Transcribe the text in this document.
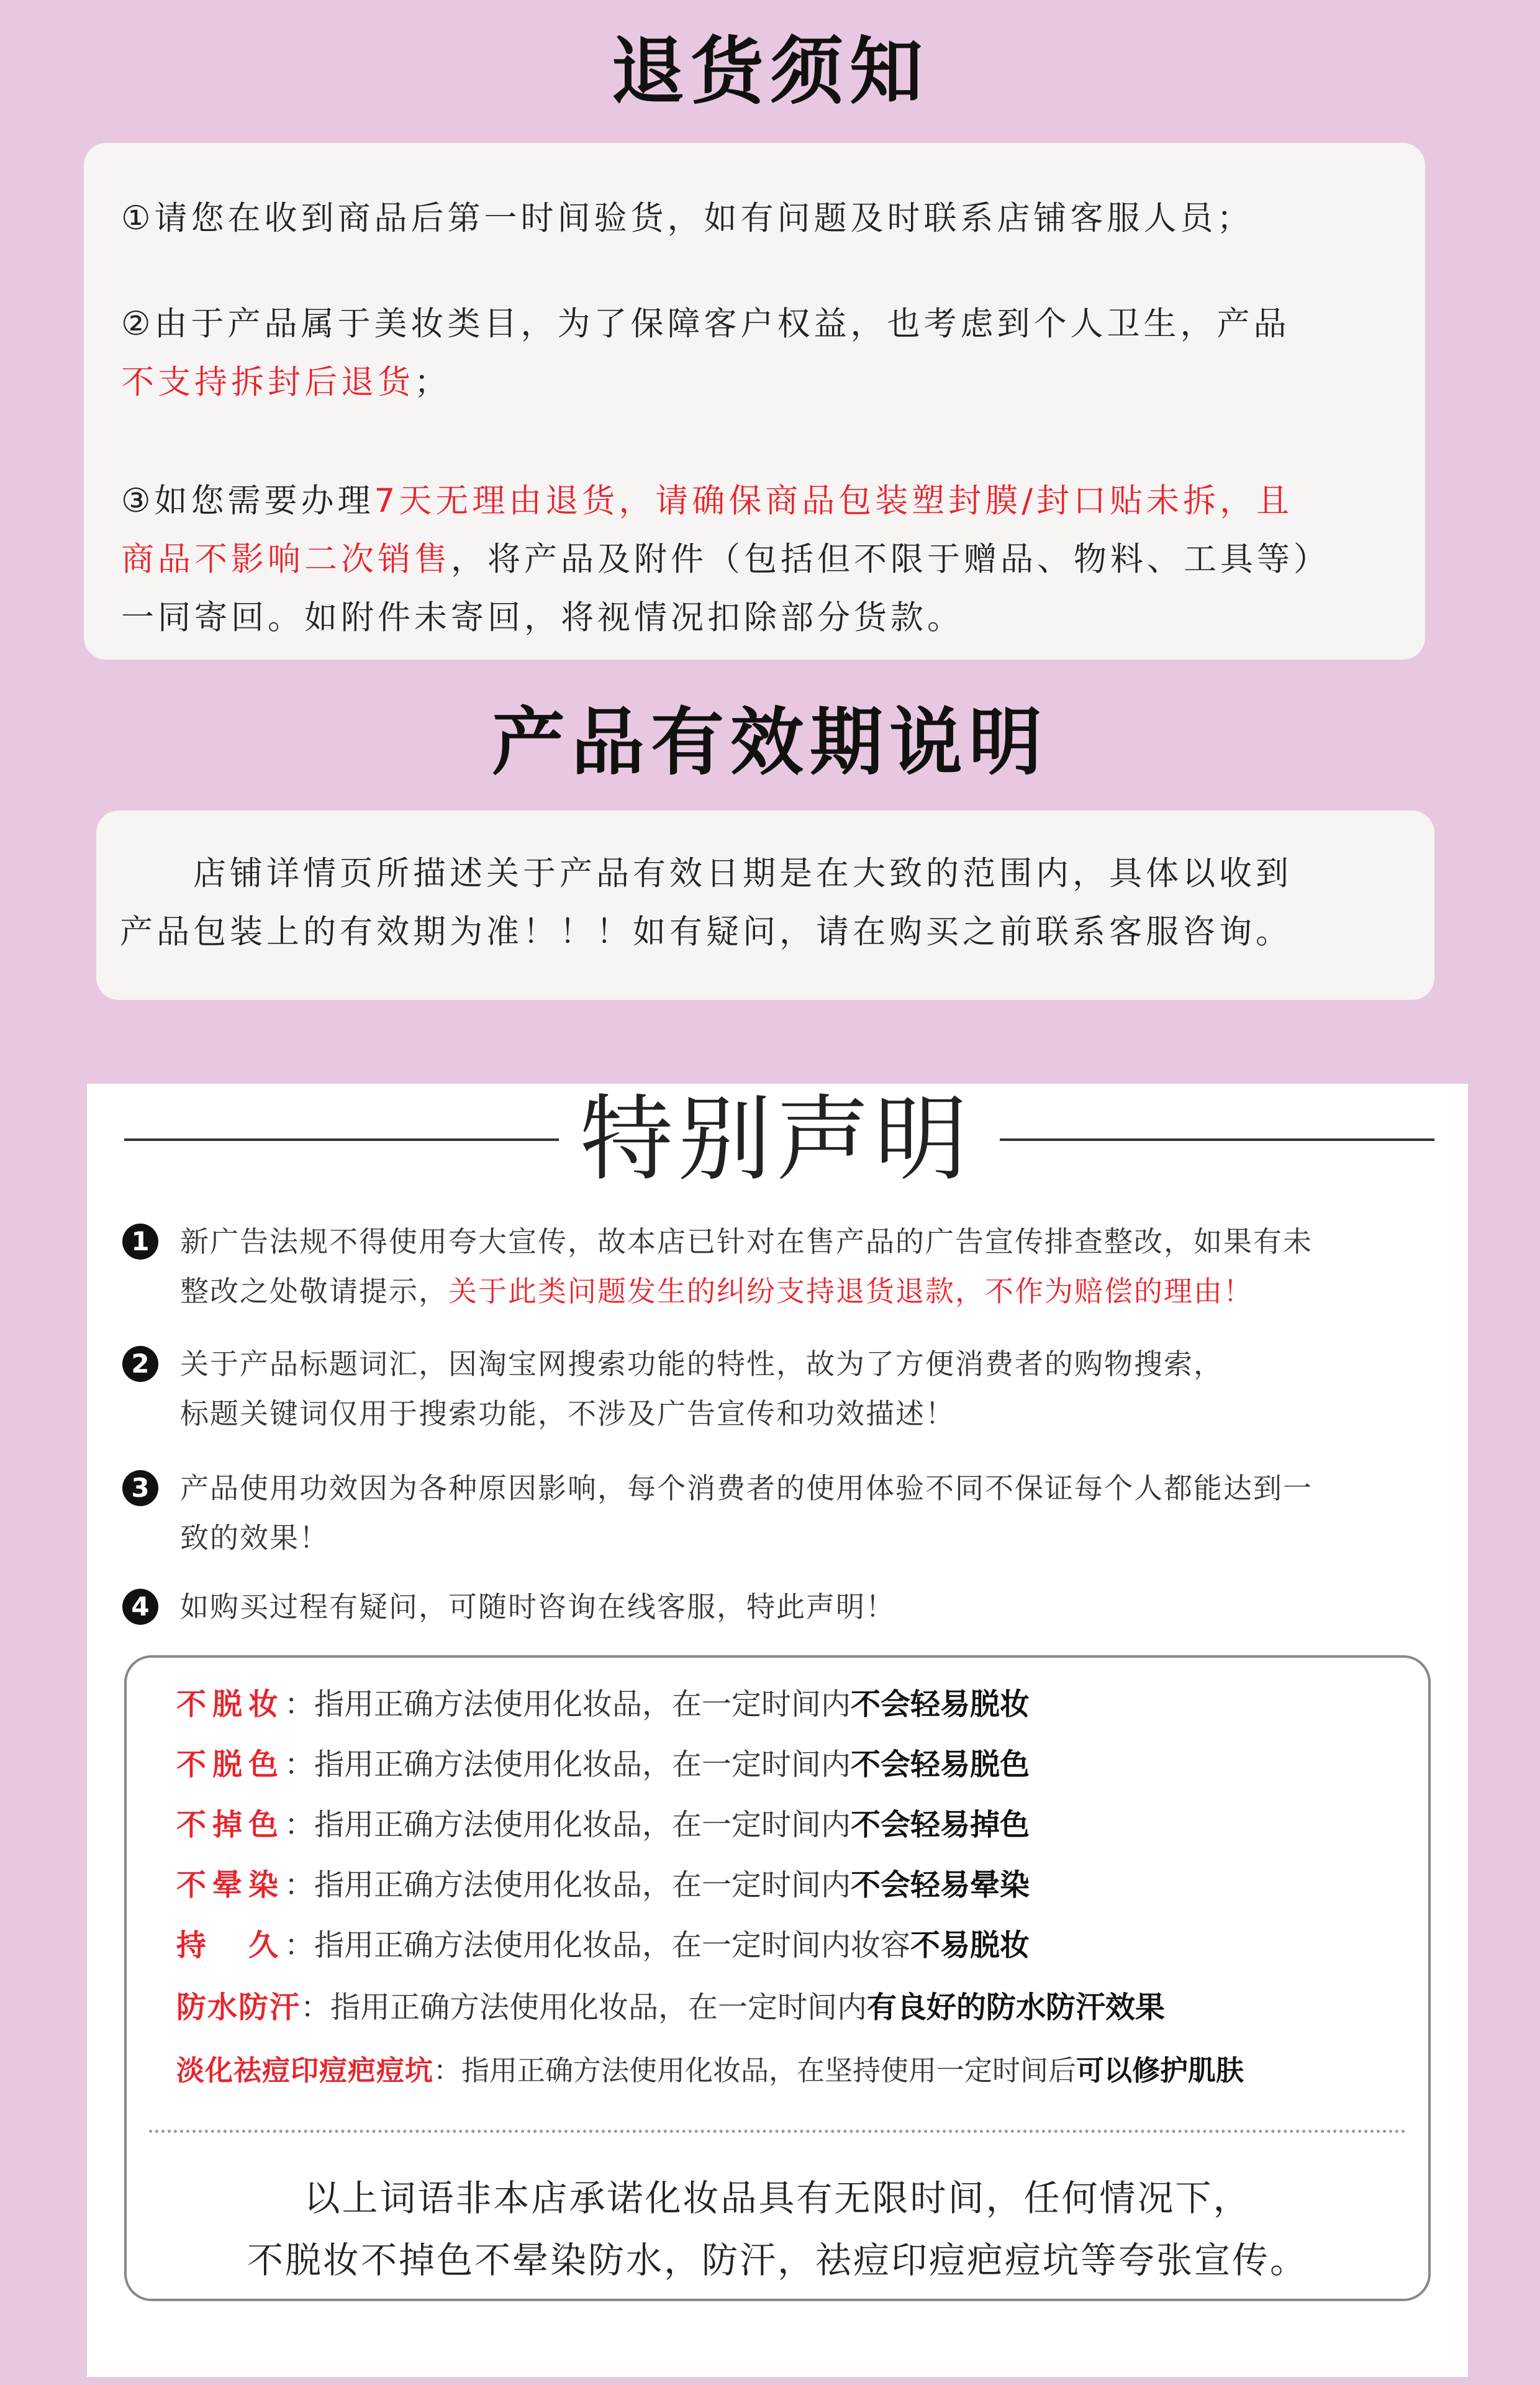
退货须知
①请您在收到商品后第一时间验货，如有问题及时联系店铺客服人员；
②由于产品属于美妆类目，为了保障客户权益，也考虑到个人卫生，产品
不支持拆封后退货；
③如您需要办理7天无理由退货，请确保商品包装塑封膜/封口贴未拆，且
商品不影响二次销售，将产品及附件（包括但不限于赠品、物料、工具等）
一同寄回。如附件未寄回，将视情况扣除部分货款。
产品有效期说明
店铺详情页所描述关于产品有效日期是在大致的范围内，具体以收到
产品包装上的有效期为准！！！如有疑问，请在购买之前联系客服咨询。
特别声明
1	新广告法规不得使用夸大宣传，故本店已针对在售产品的广告宣传排查整改，如果有未
整改之处敬请提示，关于此类问题发生的纠纷支持退货退款，不作为赔偿的理由！
2	关于产品标题词汇，因淘宝网搜索功能的特性，故为了方便消费者的购物搜索，
标题关键词仅用于搜索功能，不涉及广告宣传和功效描述！
3	产品使用功效因为各种原因影响，每个消费者的使用体验不同不保证每个人都能达到一
致的效果！
4	如购买过程有疑问，可随时咨询在线客服，特此声明！
不脱妆：指用正确方法使用化妆品，在一定时间内不会轻易脱妆
不脱色：指用正确方法使用化妆品，在一定时间内不会轻易脱色
不掉色：指用正确方法使用化妆品，在一定时间内不会轻易掉色
不晕染：指用正确方法使用化妆品，在一定时间内不会轻易晕染
持　久：指用正确方法使用化妆品，在一定时间内妆容不易脱妆
防水防汗：指用正确方法使用化妆品，在一定时间内有良好的防水防汗效果
淡化祛痘印痘疤痘坑：指用正确方法使用化妆品，在坚持使用一定时间后可以修护肌肤
以上词语非本店承诺化妆品具有无限时间，任何情况下，
不脱妆不掉色不晕染防水，防汗，祛痘印痘疤痘坑等夸张宣传。
